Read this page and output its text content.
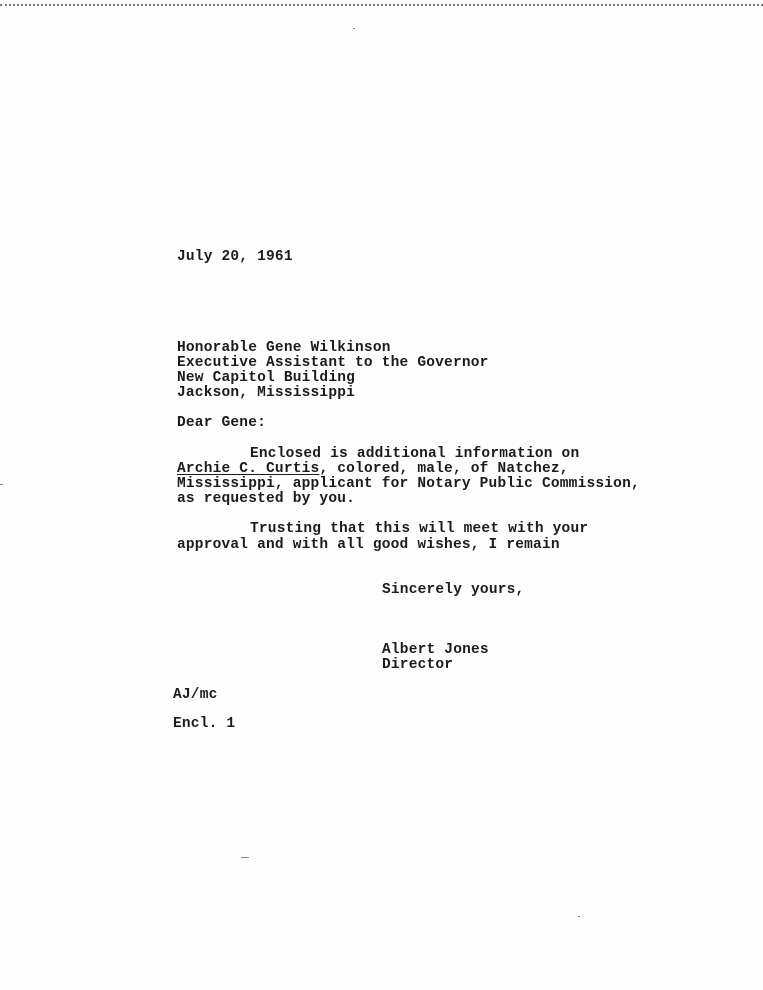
July 20, 1961
Honorable Gene Wilkinson
Executive Assistant to the Governor
New Capitol Building
Jackson, Mississippi
Dear Gene:
Enclosed is additional information on
Archie C. Curtis, colored, male, of Natchez,
Mississippi, applicant for Notary Public Commission,
as requested by you.
Trusting that this will meet with your
approval and with all good wishes, I remain
Sincerely yours,
Albert Jones
Director
AJ/mc
Encl. 1
